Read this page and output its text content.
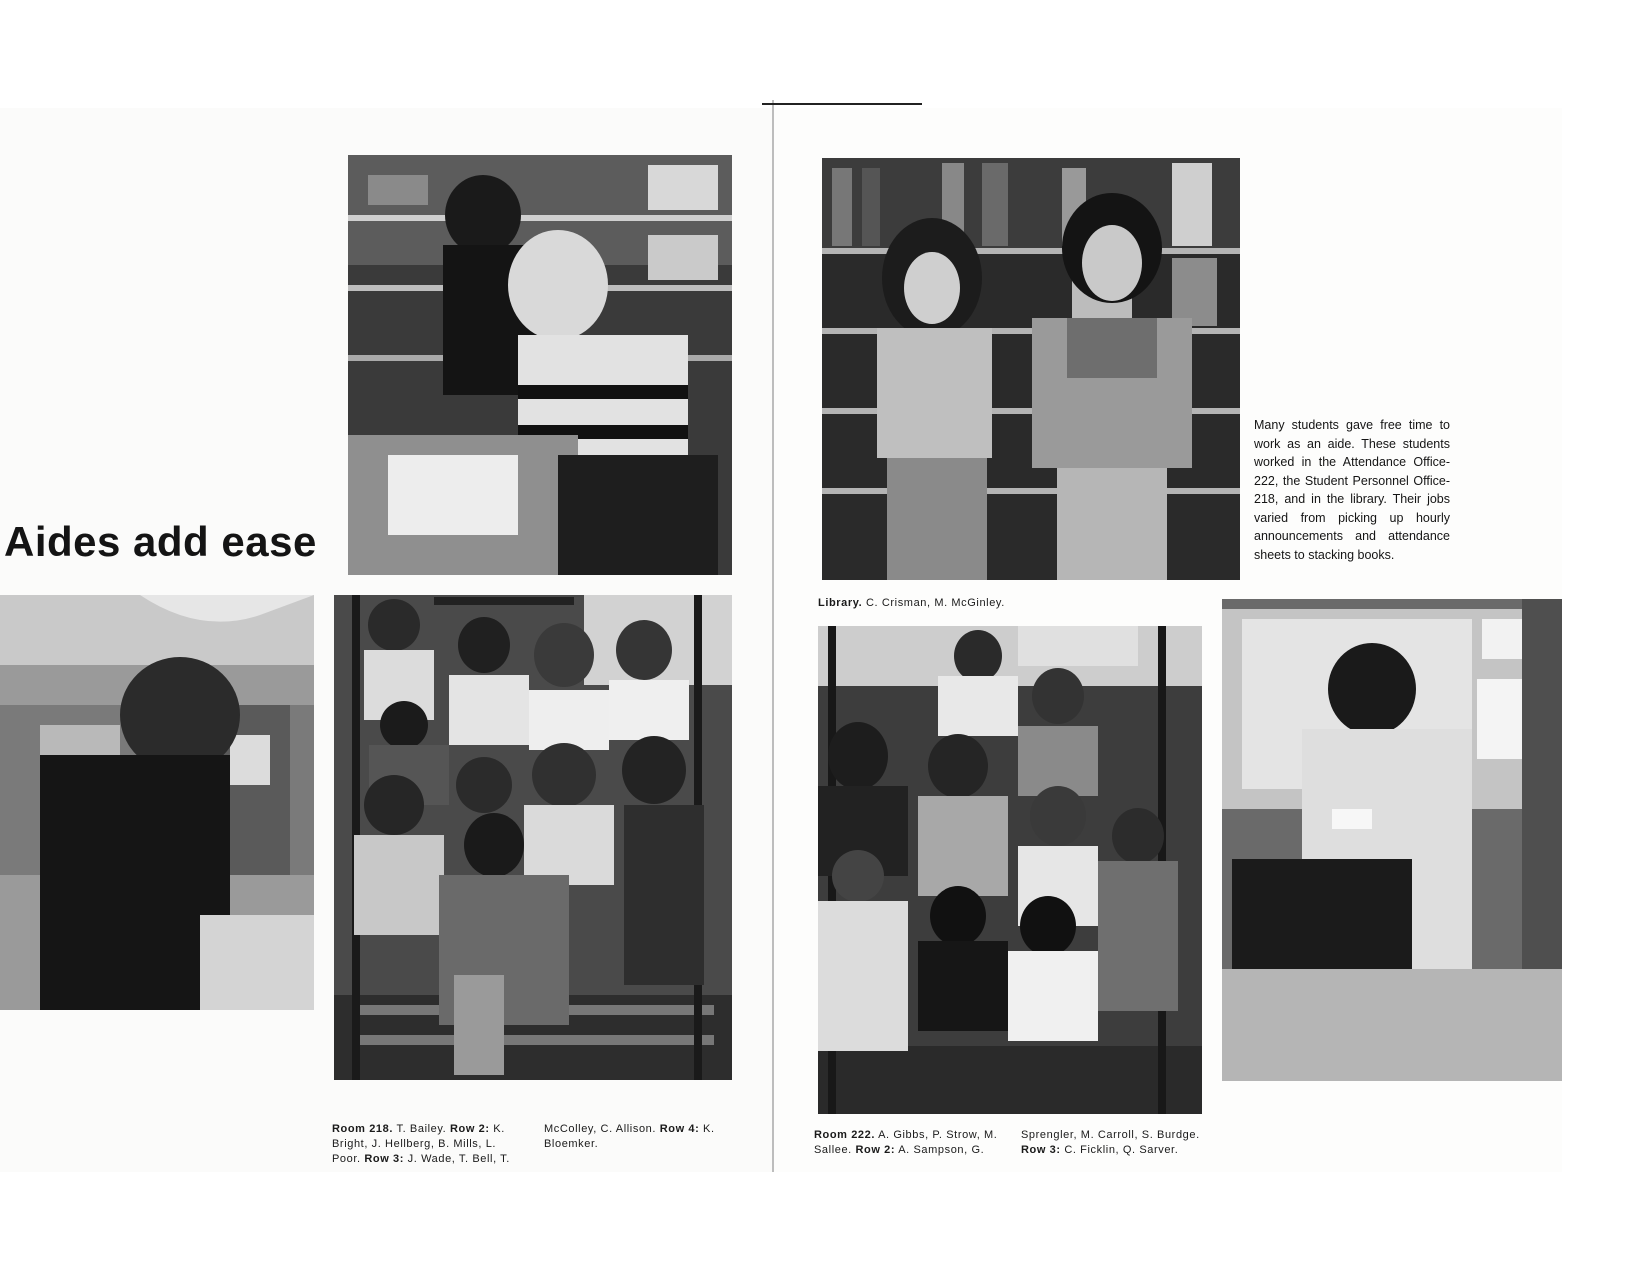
Aides add ease
Room 218. T. Bailey. Row 2: K. Bright, J. Hellberg, B. Mills, L. Poor. Row 3: J. Wade, T. Bell, T. McColley, C. Allison. Row 4: K. Bloemker.
Library. C. Crisman, M. McGinley.
Many students gave free time to work as an aide. These students worked in the Attendance Office-222, the Student Personnel Office-218, and in the library. Their jobs varied from picking up hourly announcements and attendance sheets to stacking books.
Room 222. A. Gibbs, P. Strow, M. Sallee. Row 2: A. Sampson, G. Sprengler, M. Carroll, S. Burdge. Row 3: C. Ficklin, Q. Sarver.
